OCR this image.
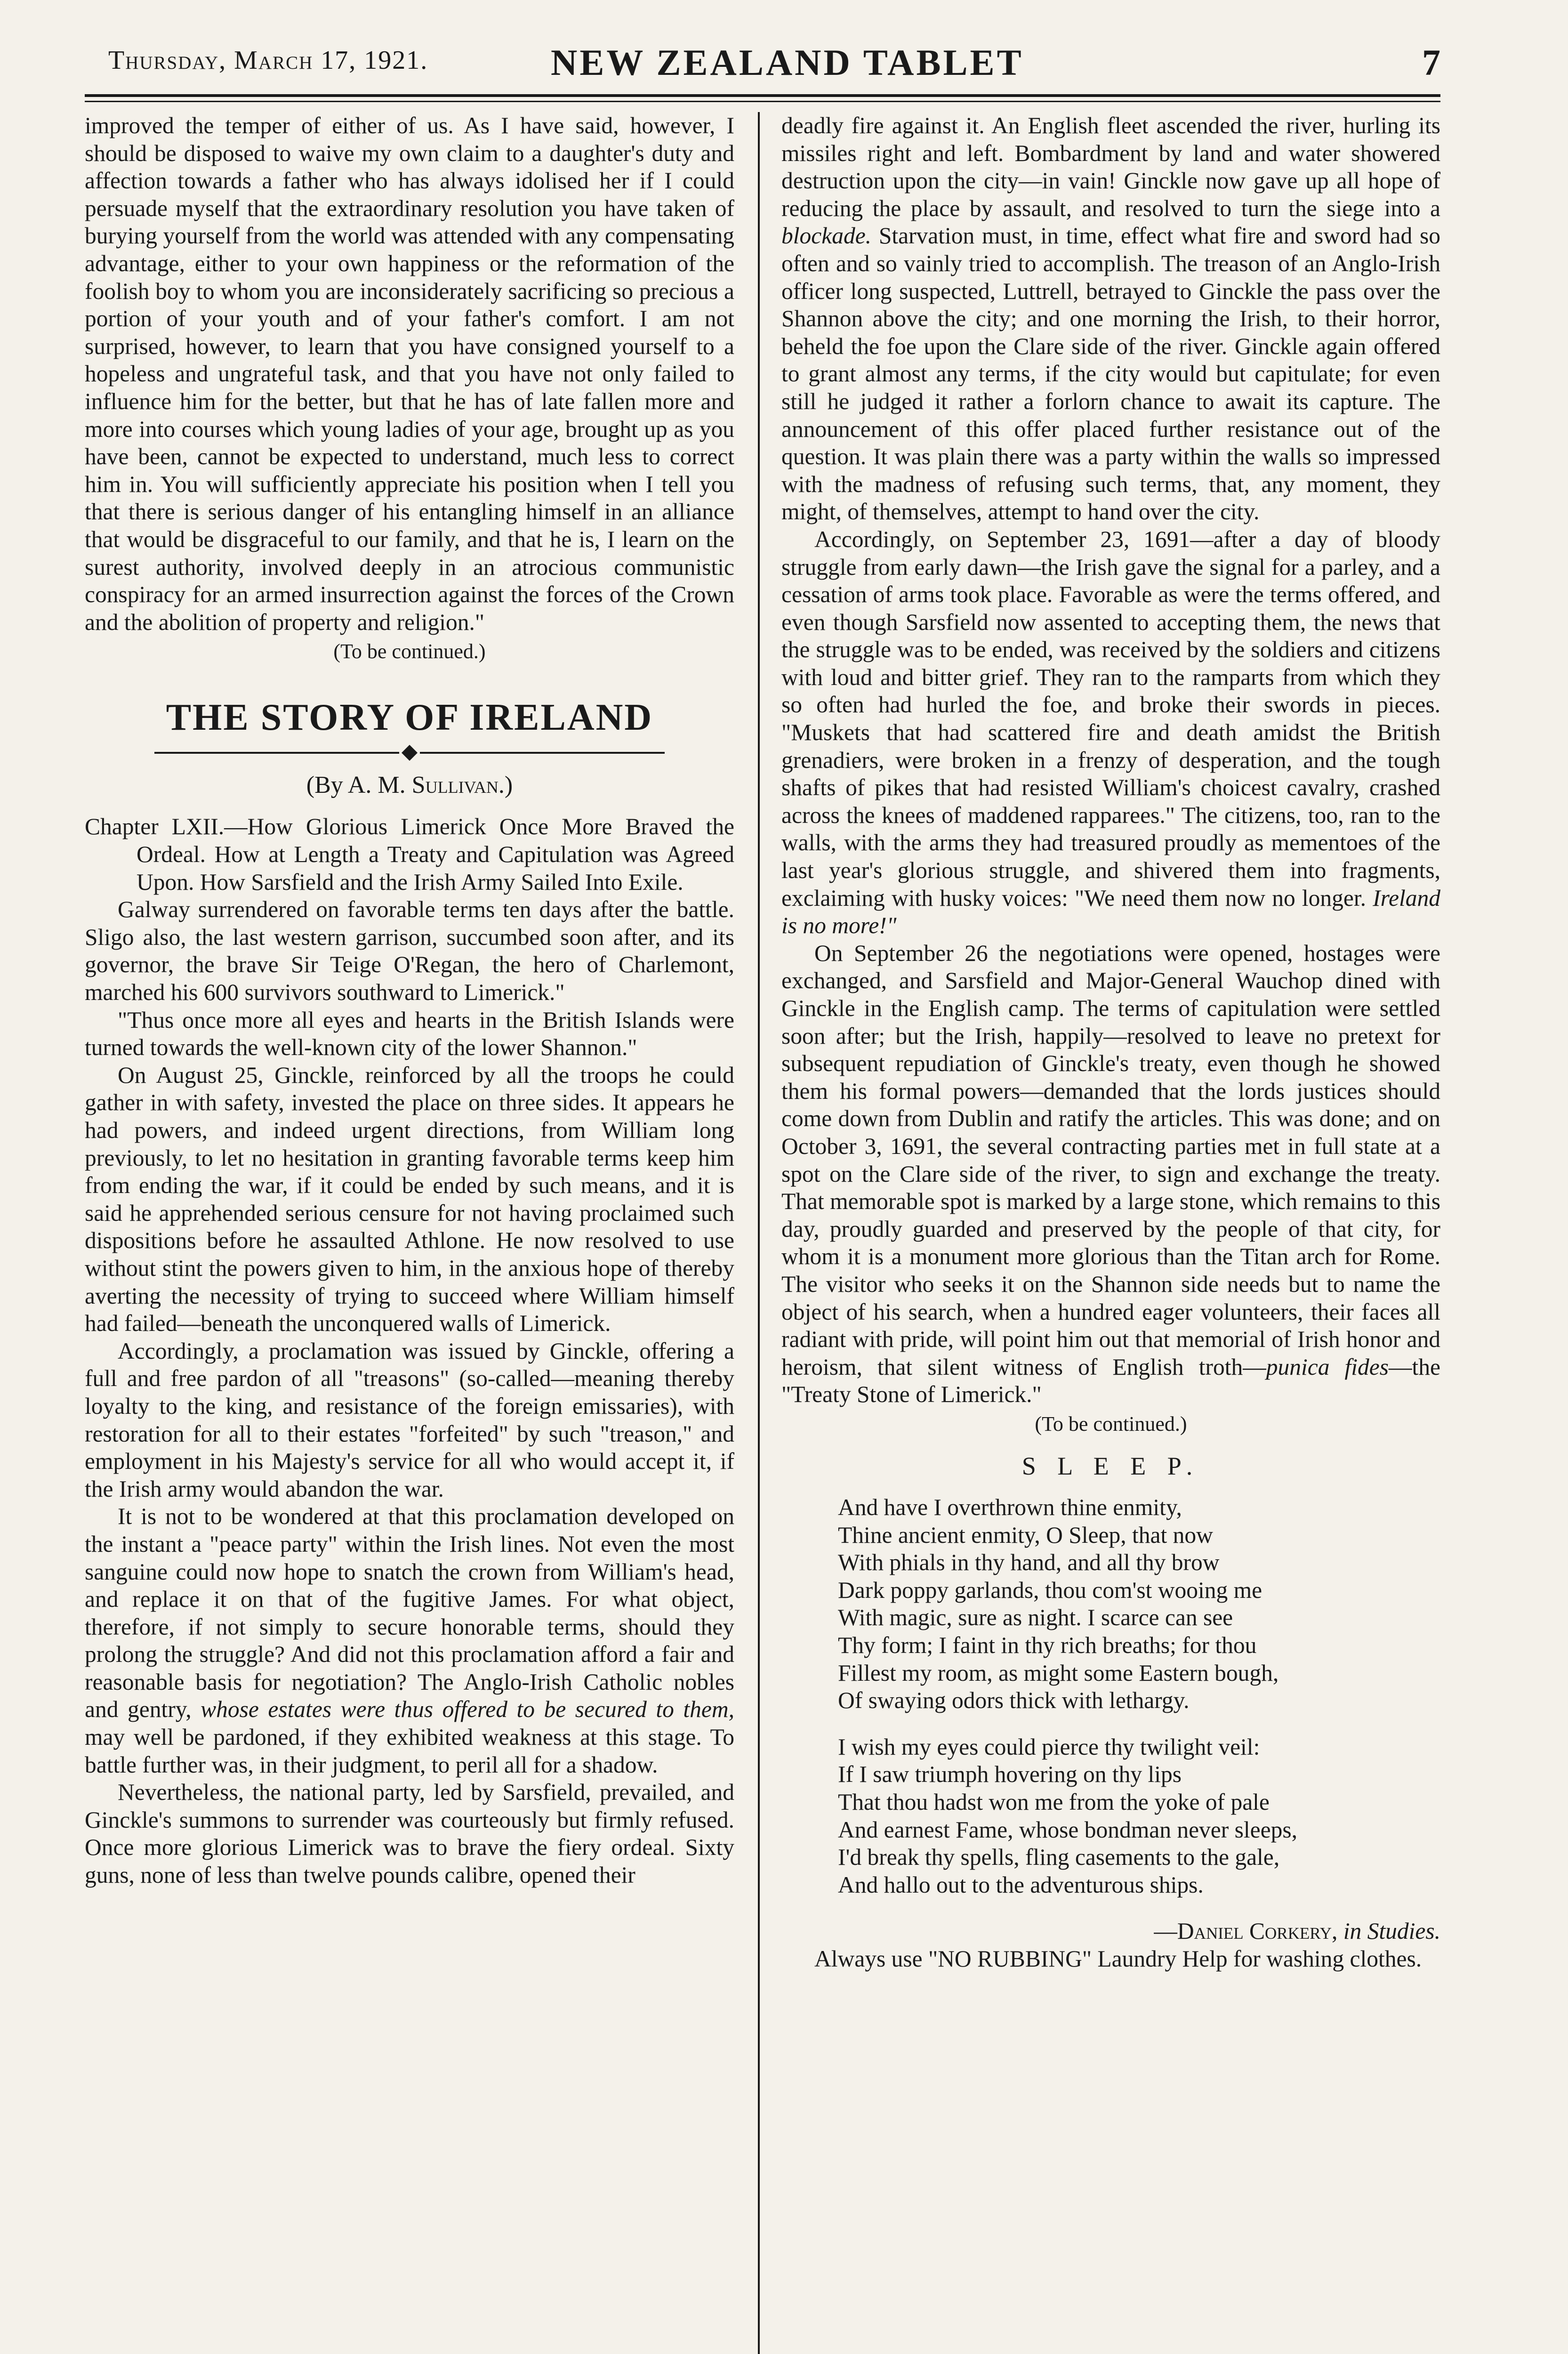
Thursday, March 17, 1921.	NEW ZEALAND TABLET	7

improved the temper of either of us. As I have said, however, I should be disposed to waive my own claim to a daughter's duty and affection towards a father who has always idolised her if I could persuade myself that the extraordinary resolution you have taken of burying yourself from the world was attended with any compensating advantage, either to your own happiness or the reformation of the foolish boy to whom you are inconsiderately sacrificing so precious a portion of your youth and of your father's comfort. I am not surprised, however, to learn that you have consigned yourself to a hopeless and ungrateful task, and that you have not only failed to influence him for the better, but that he has of late fallen more and more into courses which young ladies of your age, brought up as you have been, cannot be expected to understand, much less to correct him in. You will sufficiently appreciate his position when I tell you that there is serious danger of his entangling himself in an alliance that would be disgraceful to our family, and that he is, I learn on the surest authority, involved deeply in an atrocious communistic conspiracy for an armed insurrection against the forces of the Crown and the abolition of property and religion."

(To be continued.)

THE STORY OF IRELAND
(By A. M. Sullivan.)

Chapter LXII.—How Glorious Limerick Once More Braved the Ordeal. How at Length a Treaty and Capitulation was Agreed Upon. How Sarsfield and the Irish Army Sailed Into Exile.

Galway surrendered on favorable terms ten days after the battle. Sligo also, the last western garrison, succumbed soon after, and its governor, the brave Sir Teige O'Regan, the hero of Charlemont, marched his 600 survivors southward to Limerick."

"Thus once more all eyes and hearts in the British Islands were turned towards the well-known city of the lower Shannon."

On August 25, Ginckle, reinforced by all the troops he could gather in with safety, invested the place on three sides. It appears he had powers, and indeed urgent directions, from William long previously, to let no hesitation in granting favorable terms keep him from ending the war, if it could be ended by such means, and it is said he apprehended serious censure for not having proclaimed such dispositions before he assaulted Athlone. He now resolved to use without stint the powers given to him, in the anxious hope of thereby averting the necessity of trying to succeed where William himself had failed—beneath the unconquered walls of Limerick.

Accordingly, a proclamation was issued by Ginckle, offering a full and free pardon of all "treasons" (so-called—meaning thereby loyalty to the king, and resistance of the foreign emissaries), with restoration for all to their estates "forfeited" by such "treason," and employment in his Majesty's service for all who would accept it, if the Irish army would abandon the war.

It is not to be wondered at that this proclamation developed on the instant a "peace party" within the Irish lines. Not even the most sanguine could now hope to snatch the crown from William's head, and replace it on that of the fugitive James. For what object, therefore, if not simply to secure honorable terms, should they prolong the struggle? And did not this proclamation afford a fair and reasonable basis for negotiation? The Anglo-Irish Catholic nobles and gentry, whose estates were thus offered to be secured to them, may well be pardoned, if they exhibited weakness at this stage. To battle further was, in their judgment, to peril all for a shadow.

Nevertheless, the national party, led by Sarsfield, prevailed, and Ginckle's summons to surrender was courteously but firmly refused. Once more glorious Limerick was to brave the fiery ordeal. Sixty guns, none of less than twelve pounds calibre, opened their

deadly fire against it. An English fleet ascended the river, hurling its missiles right and left. Bombardment by land and water showered destruction upon the city—in vain! Ginckle now gave up all hope of reducing the place by assault, and resolved to turn the siege into a blockade. Starvation must, in time, effect what fire and sword had so often and so vainly tried to accomplish. The treason of an Anglo-Irish officer long suspected, Luttrell, betrayed to Ginckle the pass over the Shannon above the city; and one morning the Irish, to their horror, beheld the foe upon the Clare side of the river. Ginckle again offered to grant almost any terms, if the city would but capitulate; for even still he judged it rather a forlorn chance to await its capture. The announcement of this offer placed further resistance out of the question. It was plain there was a party within the walls so impressed with the madness of refusing such terms, that, any moment, they might, of themselves, attempt to hand over the city.

Accordingly, on September 23, 1691—after a day of bloody struggle from early dawn—the Irish gave the signal for a parley, and a cessation of arms took place. Favorable as were the terms offered, and even though Sarsfield now assented to accepting them, the news that the struggle was to be ended, was received by the soldiers and citizens with loud and bitter grief. They ran to the ramparts from which they so often had hurled the foe, and broke their swords in pieces. "Muskets that had scattered fire and death amidst the British grenadiers, were broken in a frenzy of desperation, and the tough shafts of pikes that had resisted William's choicest cavalry, crashed across the knees of maddened rapparees." The citizens, too, ran to the walls, with the arms they had treasured proudly as mementoes of the last year's glorious struggle, and shivered them into fragments, exclaiming with husky voices: "We need them now no longer. Ireland is no more!"

On September 26 the negotiations were opened, hostages were exchanged, and Sarsfield and Major-General Wauchop dined with Ginckle in the English camp. The terms of capitulation were settled soon after; but the Irish, happily—resolved to leave no pretext for subsequent repudiation of Ginckle's treaty, even though he showed them his formal powers—demanded that the lords justices should come down from Dublin and ratify the articles. This was done; and on October 3, 1691, the several contracting parties met in full state at a spot on the Clare side of the river, to sign and exchange the treaty. That memorable spot is marked by a large stone, which remains to this day, proudly guarded and preserved by the people of that city, for whom it is a monument more glorious than the Titan arch for Rome. The visitor who seeks it on the Shannon side needs but to name the object of his search, when a hundred eager volunteers, their faces all radiant with pride, will point him out that memorial of Irish honor and heroism, that silent witness of English troth—punica fides—the "Treaty Stone of Limerick."

(To be continued.)

S L E E P.
And have I overthrown thine enmity,
Thine ancient enmity, O Sleep, that now
With phials in thy hand, and all thy brow
Dark poppy garlands, thou com'st wooing me
With magic, sure as night. I scarce can see
Thy form; I faint in thy rich breaths; for thou
Fillest my room, as might some Eastern bough,
Of swaying odors thick with lethargy.
I wish my eyes could pierce thy twilight veil:
If I saw triumph hovering on thy lips
That thou hadst won me from the yoke of pale
And earnest Fame, whose bondman never sleeps,
I'd break thy spells, fling casements to the gale,
And hallo out to the adventurous ships.

—Daniel Corkery, in Studies.

Always use "NO RUBBING" Laundry Help for washing clothes.
